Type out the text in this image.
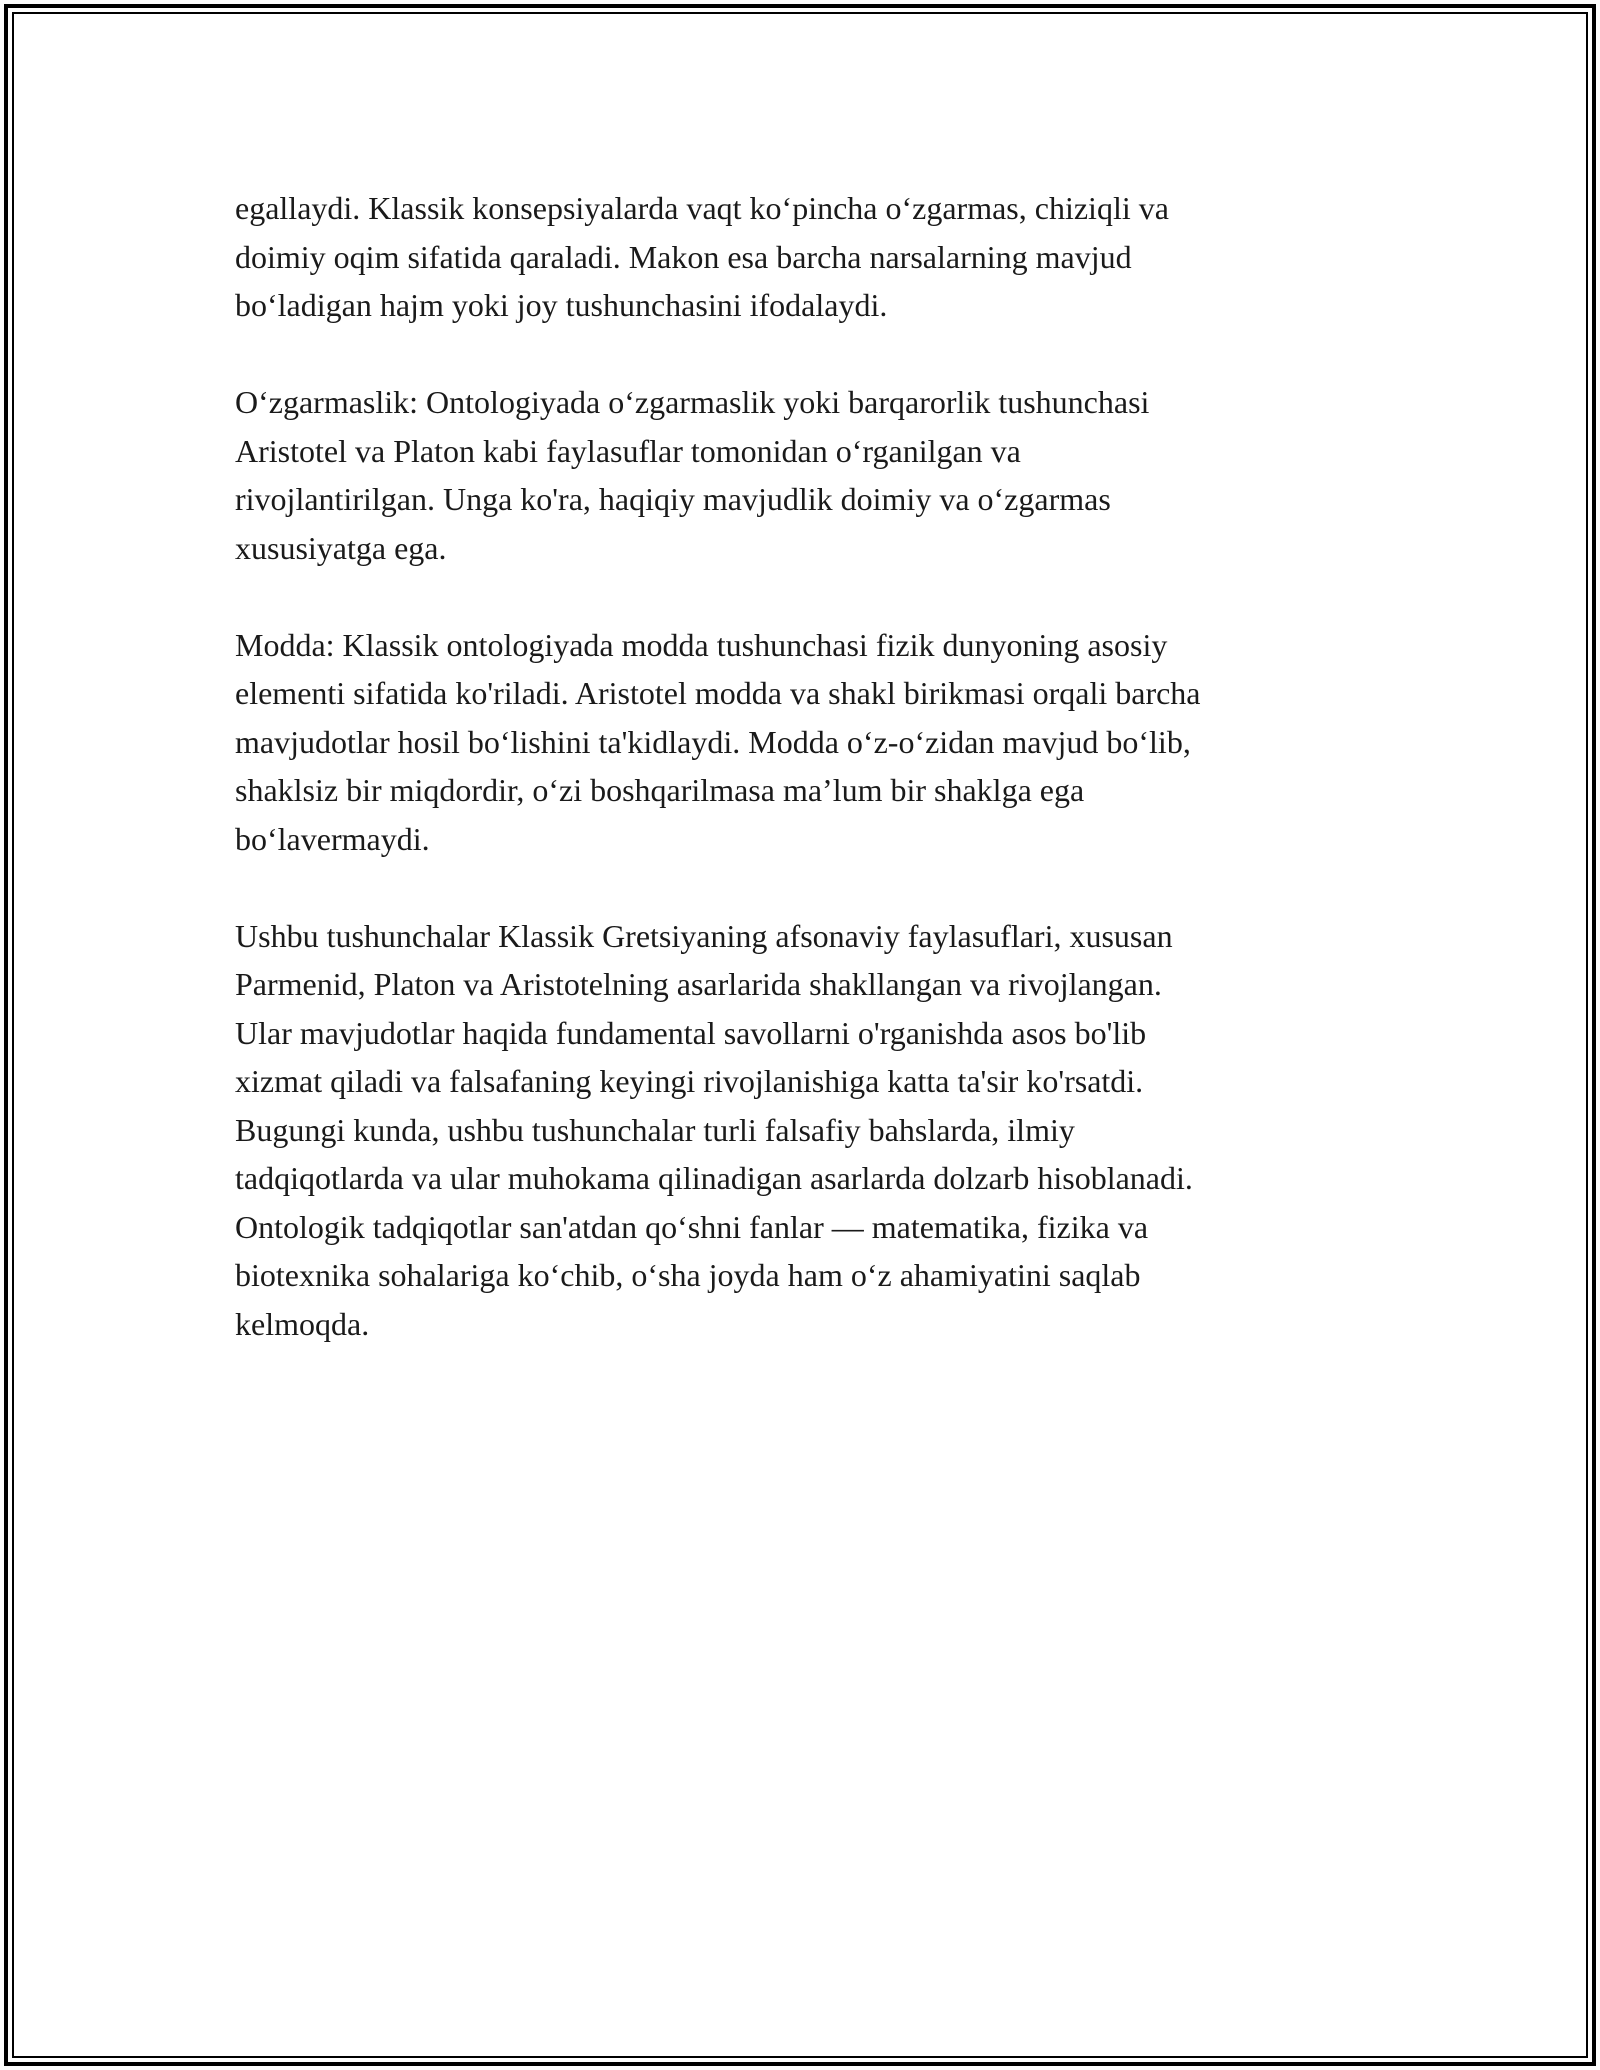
egallaydi. Klassik konsepsiyalarda vaqt ko‘pincha o‘zgarmas, chiziqli va
doimiy oqim sifatida qaraladi. Makon esa barcha narsalarning mavjud
bo‘ladigan hajm yoki joy tushunchasini ifodalaydi.

O‘zgarmaslik: Ontologiyada o‘zgarmaslik yoki barqarorlik tushunchasi
Aristotel va Platon kabi faylasuflar tomonidan o‘rganilgan va
rivojlantirilgan. Unga ko'ra, haqiqiy mavjudlik doimiy va o‘zgarmas
xususiyatga ega.

Modda: Klassik ontologiyada modda tushunchasi fizik dunyoning asosiy
elementi sifatida ko'riladi. Aristotel modda va shakl birikmasi orqali barcha
mavjudotlar hosil bo‘lishini ta'kidlaydi. Modda o‘z-o‘zidan mavjud bo‘lib,
shaklsiz bir miqdordir, o‘zi boshqarilmasa ma’lum bir shaklga ega
bo‘lavermaydi.

Ushbu tushunchalar Klassik Gretsiyaning afsonaviy faylasuflari, xususan
Parmenid, Platon va Aristotelning asarlarida shakllangan va rivojlangan.
Ular mavjudotlar haqida fundamental savollarni o'rganishda asos bo'lib
xizmat qiladi va falsafaning keyingi rivojlanishiga katta ta'sir ko'rsatdi.
Bugungi kunda, ushbu tushunchalar turli falsafiy bahslarda, ilmiy
tadqiqotlarda va ular muhokama qilinadigan asarlarda dolzarb hisoblanadi.
Ontologik tadqiqotlar san'atdan qo‘shni fanlar — matematika, fizika va
biotexnika sohalariga ko‘chib, o‘sha joyda ham o‘z ahamiyatini saqlab
kelmoqda.
